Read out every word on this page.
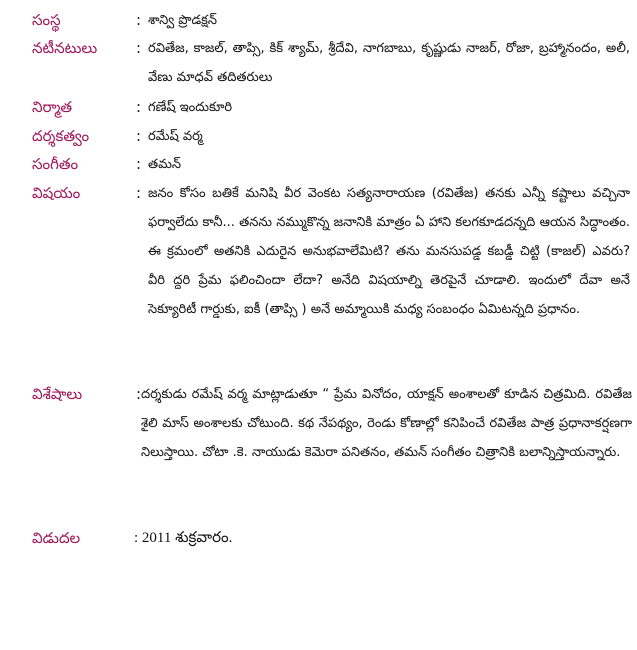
సంస్థ	: శాన్వి ప్రొడక్షన్
నటీనటులు	: రవితేజ, కాజల్, తాప్సి, కిక్ శ్యామ్, శ్రీదేవి, నాగబాబు, కృష్ణుడు నాజర్, రోజా, బ్రహ్మానందం, అలీ, వేణు మాధవ్ తదితరులు
నిర్మాత	: గణేష్ ఇందుకూరి
దర్శకత్వం	: రమేష్ వర్మ
సంగీతం	: తమన్
విషయం	: జనం కోసం బతికే మనిషి వీర వెంకట సత్యనారాయణ (రవితేజ) తనకు ఎన్నీ కష్టాలు వచ్చినా ఫర్వాలేదు కానీ... తనను నమ్ముకొన్న జనానికి మాత్రం ఏ హాని కలగకూడదన్నది ఆయన సిద్ధాంతం. ఈ క్రమంలో అతనికి ఎదురైన అనుభవాలేమిటి? తను మనసుపడ్డ కబడ్డీ చిట్టి (కాజల్) ఎవరు? వీరి ద్దరి ప్రేమ ఫలించిందా లేదా? అనేది విషయాల్ని తెరపైనే చూడాలి. ఇందులో దేవా అనే సెక్యూరిటీ గార్డుకు, ఐకీ (తాప్సి ) అనే అమ్మాయికి మధ్య సంబంధం ఏమిటన్నది ప్రధానం.
విశేషాలు	: దర్శకుడు రమేష్ వర్మ మాట్లాడుతూ “ ప్రేమ వినోదం, యాక్షన్ అంశాలతో కూడిన చిత్రమిది. రవితేజ శైలి మాస్ అంశాలకు చోటుంది. కథ నేపథ్యం, రెండు కోణాల్లో కనిపించే రవితేజ పాత్ర ప్రధానాకర్షణగా నిలుస్తాయి. చోటా .కె. నాయుడు కెమెరా పనితనం, తమన్ సంగీతం చిత్రానికి బలాన్నిస్తాయన్నారు.
విడుదల	: 2011 శుక్రవారం.
